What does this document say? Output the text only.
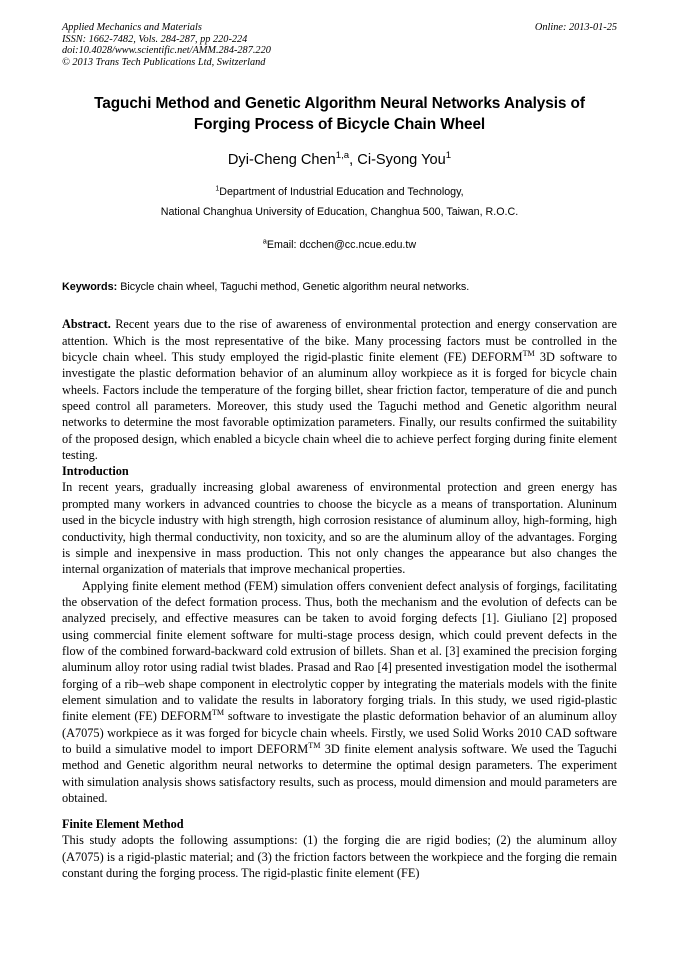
Applied Mechanics and Materials	Online: 2013-01-25
ISSN: 1662-7482, Vols. 284-287, pp 220-224
doi:10.4028/www.scientific.net/AMM.284-287.220
© 2013 Trans Tech Publications Ltd, Switzerland
Taguchi Method and Genetic Algorithm Neural Networks Analysis of
Forging Process of Bicycle Chain Wheel
Dyi-Cheng Chen$^{1,a}$, Ci-Syong You$^1$
$^1$Department of Industrial Education and Technology,
National Changhua University of Education, Changhua 500, Taiwan, R.O.C.
$^a$Email: dcchen@cc.ncue.edu.tw
Keywords: Bicycle chain wheel, Taguchi method, Genetic algorithm neural networks.

Abstract. Recent years due to the rise of awareness of environmental protection and energy conservation are attention. Which is the most representative of the bike. Many processing factors must be controlled in the bicycle chain wheel. This study employed the rigid-plastic finite element (FE) DEFORM™ 3D software to investigate the plastic deformation behavior of an aluminum alloy workpiece as it is forged for bicycle chain wheels. Factors include the temperature of the forging billet, shear friction factor, temperature of die and punch speed control all parameters. Moreover, this study used the Taguchi method and Genetic algorithm neural networks to determine the most favorable optimization parameters. Finally, our results confirmed the suitability of the proposed design, which enabled a bicycle chain wheel die to achieve perfect forging during finite element testing.

Introduction

In recent years, gradually increasing global awareness of environmental protection and green energy has prompted many workers in advanced countries to choose the bicycle as a means of transportation. Aluninum used in the bicycle industry with high strength, high corrosion resistance of aluminum alloy, high-forming, high conductivity, high thermal conductivity, non toxicity, and so are the aluminum alloy of the advantages. Forging is simple and inexpensive in mass production. This not only changes the appearance but also changes the internal organization of materials that improve mechanical properties.

Applying finite element method (FEM) simulation offers convenient defect analysis of forgings, facilitating the observation of the defect formation process. Thus, both the mechanism and the evolution of defects can be analyzed precisely, and effective measures can be taken to avoid forging defects [1]. Giuliano [2] proposed using commercial finite element software for multi-stage process design, which could prevent defects in the flow of the combined forward-backward cold extrusion of billets. Shan et al. [3] examined the precision forging aluminum alloy rotor using radial twist blades. Prasad and Rao [4] presented investigation model the isothermal forging of a rib–web shape component in electrolytic copper by integrating the materials models with the finite element simulation and to validate the results in laboratory forging trials. In this study, we used rigid-plastic finite element (FE) DEFORM™ software to investigate the plastic deformation behavior of an aluminum alloy (A7075) workpiece as it was forged for bicycle chain wheels. Firstly, we used Solid Works 2010 CAD software to build a simulative model to import DEFORM™ 3D finite element analysis software. We used the Taguchi method and Genetic algorithm neural networks to determine the optimal design parameters. The experiment with simulation analysis shows satisfactory results, such as process, mould dimension and mould parameters are obtained.

Finite Element Method

This study adopts the following assumptions: (1) the forging die are rigid bodies; (2) the aluminum alloy (A7075) is a rigid-plastic material; and (3) the friction factors between the workpiece and the forging die remain constant during the forging process. The rigid-plastic finite element (FE)
